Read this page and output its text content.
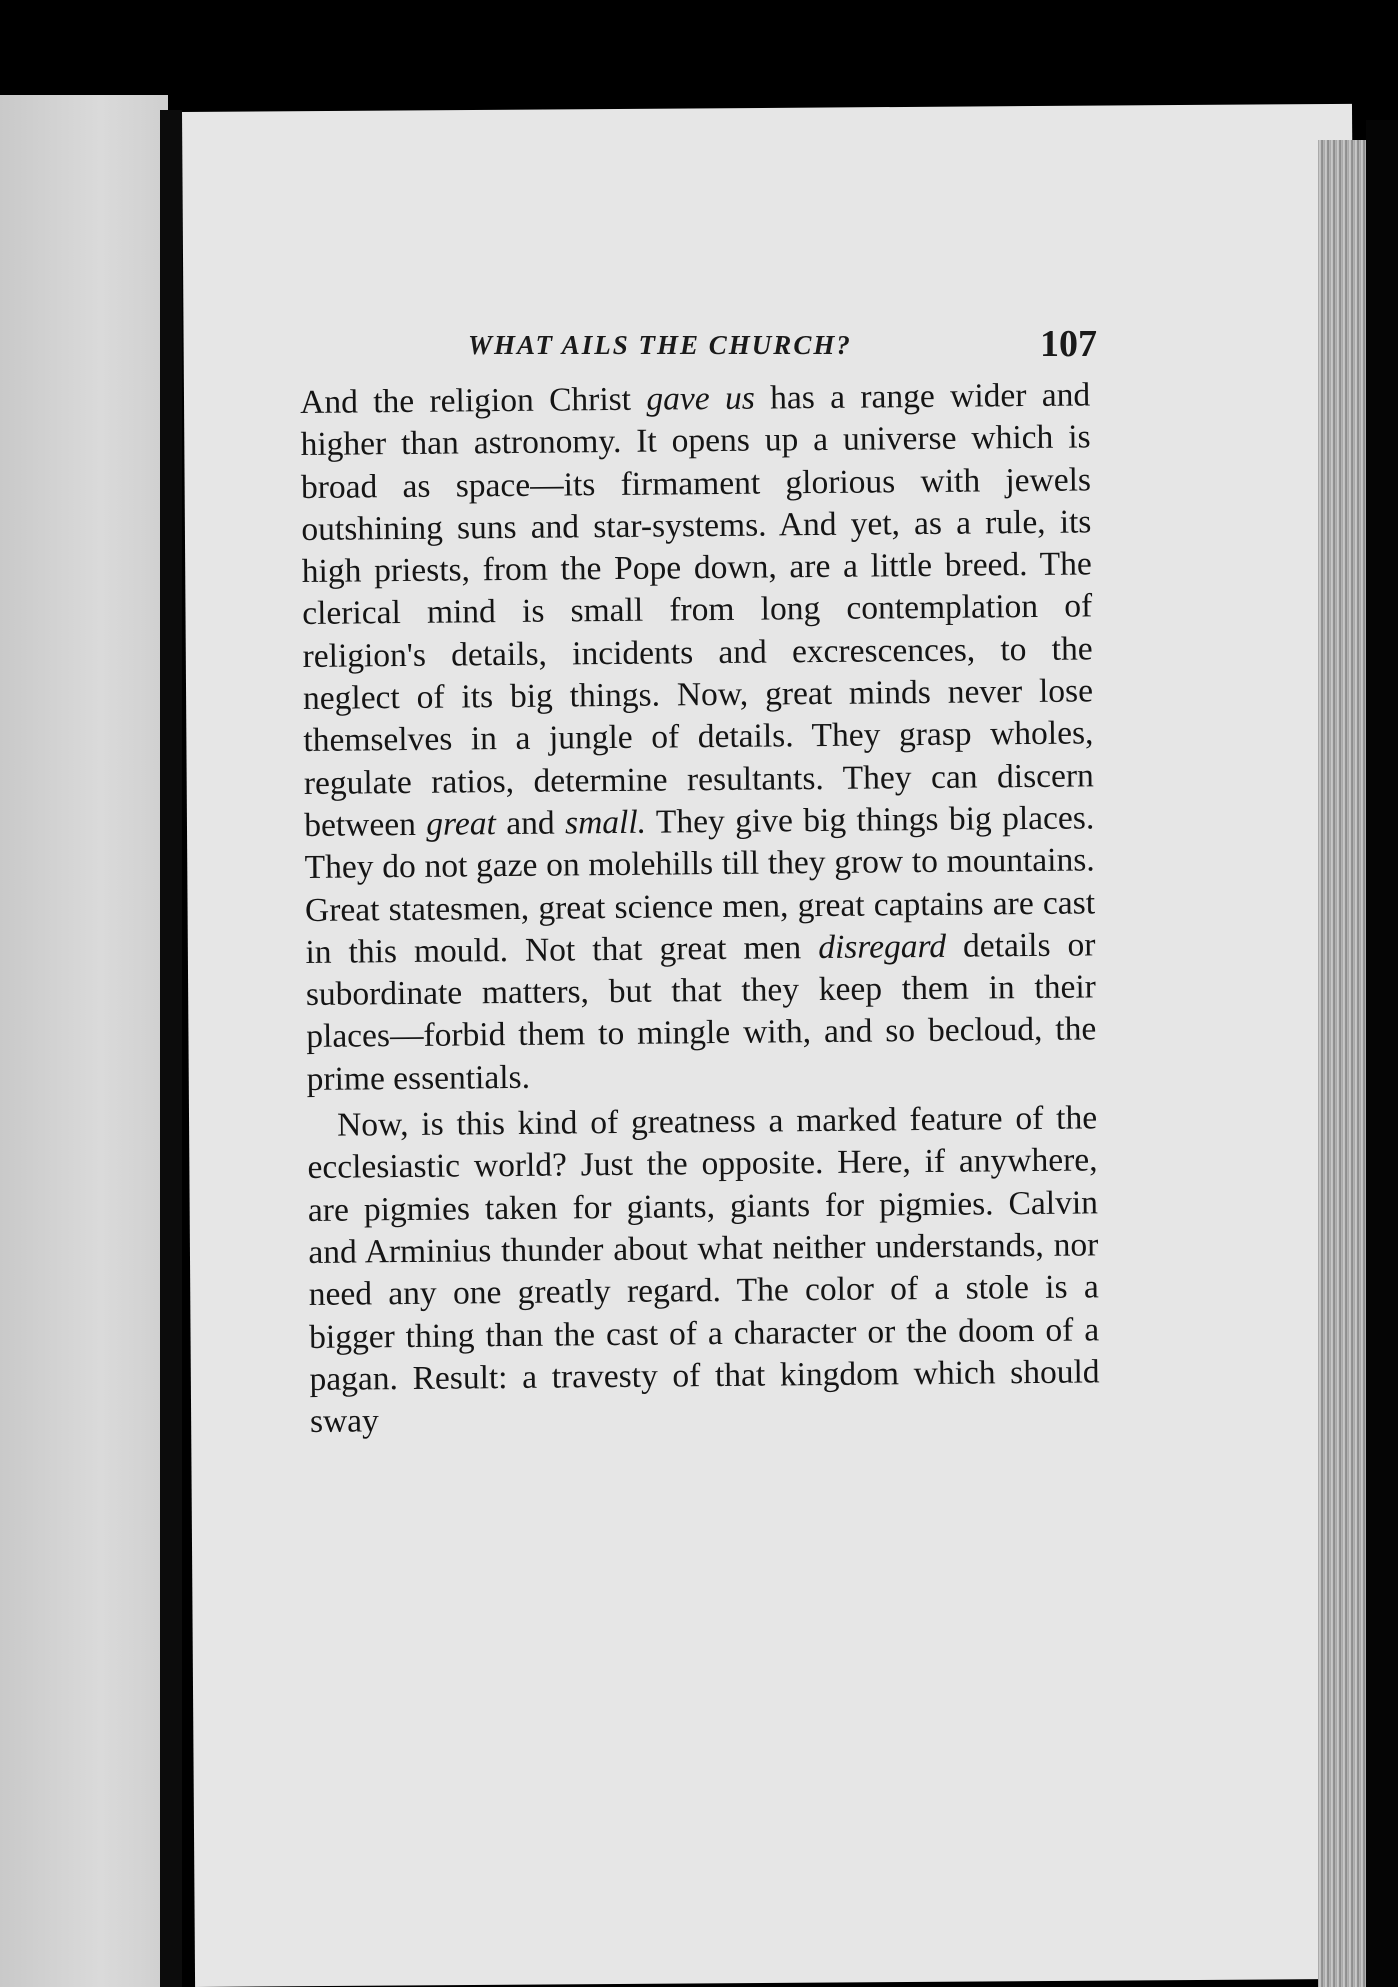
WHAT AILS THE CHURCH?	107

And the religion Christ gave us has a range wider and higher than astronomy. It opens up a universe which is broad as space—its firmament glorious with jewels outshining suns and star-systems. And yet, as a rule, its high priests, from the Pope down, are a little breed. The clerical mind is small from long contemplation of religion's details, incidents and excrescences, to the neglect of its big things. Now, great minds never lose themselves in a jungle of details. They grasp wholes, regulate ratios, determine resultants. They can discern between great and small. They give big things big places. They do not gaze on molehills till they grow to mountains. Great statesmen, great science men, great captains are cast in this mould. Not that great men disregard details or subordinate matters, but that they keep them in their places—forbid them to mingle with, and so becloud, the prime essentials.

Now, is this kind of greatness a marked feature of the ecclesiastic world? Just the opposite. Here, if anywhere, are pigmies taken for giants, giants for pigmies. Calvin and Arminius thunder about what neither understands, nor need any one greatly regard. The color of a stole is a bigger thing than the cast of a character or the doom of a pagan. Result: a travesty of that kingdom which should sway
